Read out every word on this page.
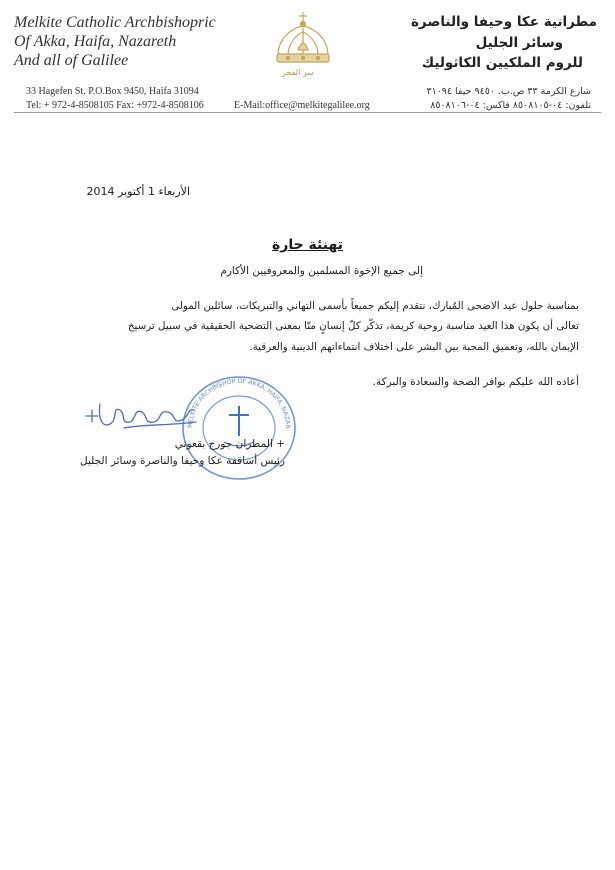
Melkite Catholic Archbishopric
Of Akka, Haifa, Nazareth
And all of Galilee
سر الفخر
مطرانية عكا وحيفا والناصرة
وسائر الجليل
للروم الملكيين الكاثوليك
33 Hagefen St. P.O.Box 9450, Haifa 31094
Tel: + 972-4-8508105 Fax: +972-4-8508106	E-Mail:office@melkitegalilee.org
شارع الكرمة ٣٣ ص.ب. ٩٤٥٠ حيفا ٣١٠٩٤
تلفون: ٠٤-٨٥٠٨١٠٥ فاكس: ٠٤-٨٥٠٨١٠٦
الأربعاء 1 أكتوبر 2014
تهنئة حارة
إلى جميع الإخوة المسلمين والمعروفيين الأكارم
بمناسبة حلول عيد الاضحى المُبارك، نتقدم إليكم جميعاً بأسمى التهاني والتبريكات، سائلين المولى
تعالى أن يكون هذا العيد مناسبة روحية كريمة، تذكّر كلّ إنسانٍ منّا بمعنى التضحية الحقيقية في سبيل ترسيخ
الإيمان بالله، وتعميق المحبة بين البشر على اختلاف انتماءاتهم الدينية والعرقية.
أعاده الله عليكم بوافر الصحة والسعادة والبركة.
MELKITE ARCHBISHOP OF AKKA, HAIFA, NAZAR
+ المطران جورج بقعوني
رئيس أساقفة عكا وحيفا والناصرة وسائر الجليل
